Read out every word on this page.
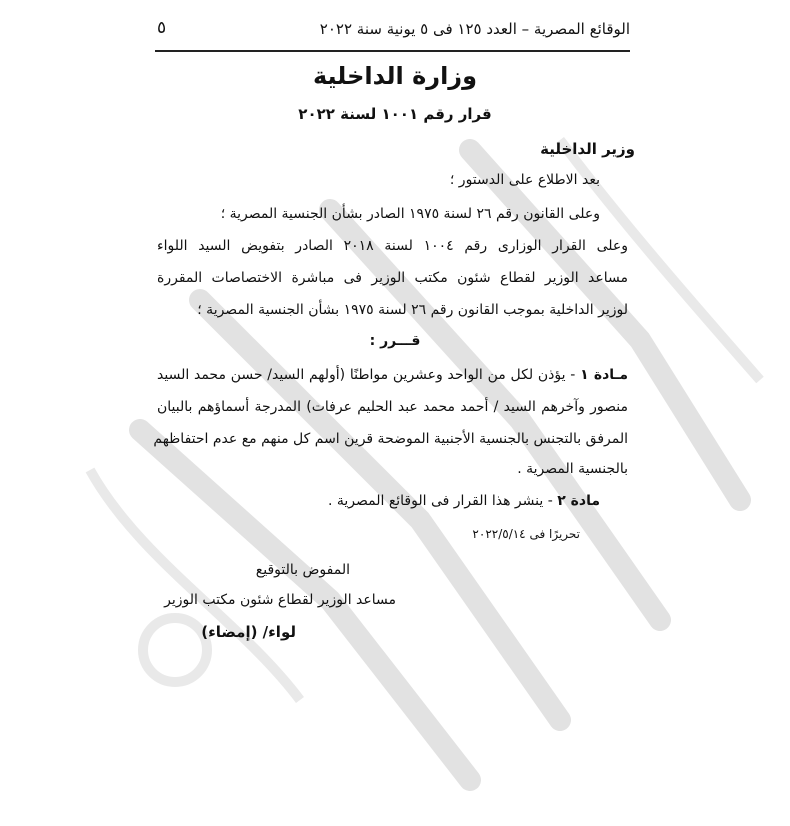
الوقائع المصرية – العدد ١٢٥ فى ٥ يونية سنة ٢٠٢٢
٥
وزارة الداخلية
قرار رقم ١٠٠١ لسنة ٢٠٢٢
وزير الداخلية
بعد الاطلاع على الدستور ؛
وعلى القانون رقم ٢٦ لسنة ١٩٧٥ الصادر بشأن الجنسية المصرية ؛
وعلى القرار الوزارى رقم ١٠٠٤ لسنة ٢٠١٨ الصادر بتفويض السيد اللواء
مساعد الوزير لقطاع شئون مكتب الوزير فى مباشرة الاختصاصات المقررة
لوزير الداخلية بموجب القانون رقم ٢٦ لسنة ١٩٧٥ بشأن الجنسية المصرية ؛
قـــرر :
مـادة ١ - يؤذن لكل من الواحد وعشرين مواطنًا (أولهم السيد/ حسن محمد السيد
منصور وآخرهم السيد / أحمد محمد عبد الحليم عرفات) المدرجة أسماؤهم بالبيان
المرفق بالتجنس بالجنسية الأجنبية الموضحة قرين اسم كل منهم مع عدم احتفاظهم
بالجنسية المصرية .
مادة ٢ - ينشر هذا القرار فى الوقائع المصرية .
تحريرًا فى ٢٠٢٢/٥/١٤
المفوض بالتوقيع
مساعد الوزير لقطاع شئون مكتب الوزير
لواء/ (إمضاء)
